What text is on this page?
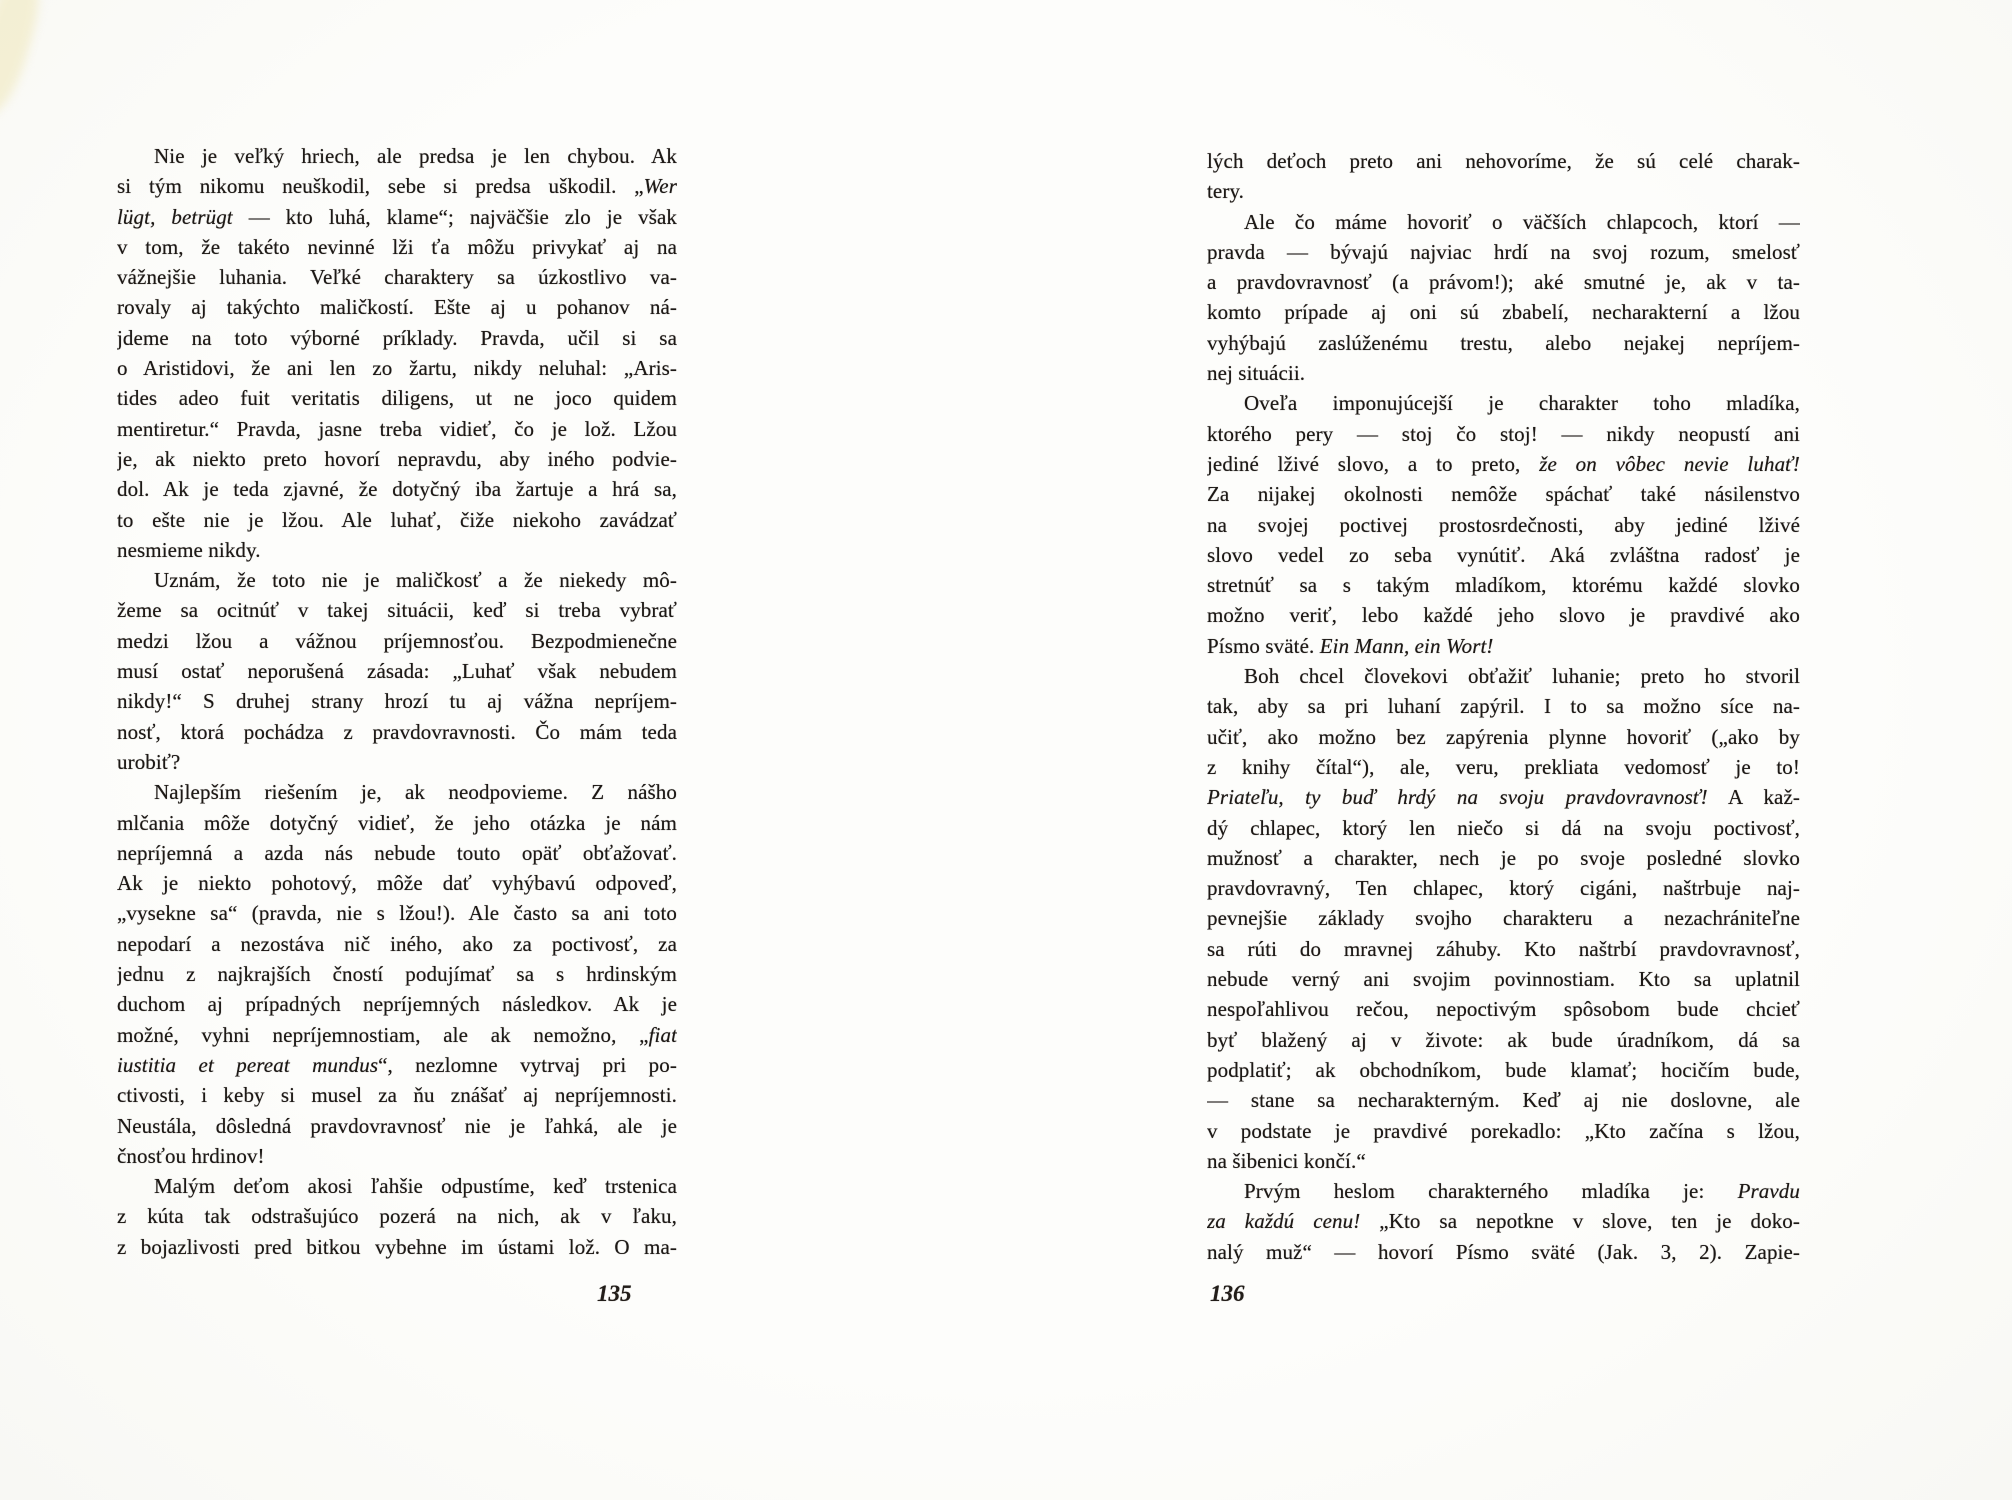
Nie je veľký hriech, ale predsa je len chybou. Ak
si tým nikomu neuškodil, sebe si predsa uškodil. „Wer
lügt, betrügt — kto luhá, klame“; najväčšie zlo je však
v tom, že takéto nevinné lži ťa môžu privykať aj na
vážnejšie luhania. Veľké charaktery sa úzkostlivo va-
rovaly aj takýchto maličkostí. Ešte aj u pohanov ná-
jdeme na toto výborné príklady. Pravda, učil si sa
o Aristidovi, že ani len zo žartu, nikdy neluhal: „Aris-
tides adeo fuit veritatis diligens, ut ne joco quidem
mentiretur.“ Pravda, jasne treba vidieť, čo je lož. Lžou
je, ak niekto preto hovorí nepravdu, aby iného podvie-
dol. Ak je teda zjavné, že dotyčný iba žartuje a hrá sa,
to ešte nie je lžou. Ale luhať, čiže niekoho zavádzať
nesmieme nikdy.
Uznám, že toto nie je maličkosť a že niekedy mô-
žeme sa ocitnúť v takej situácii, keď si treba vybrať
medzi lžou a vážnou príjemnosťou. Bezpodmienečne
musí ostať neporušená zásada: „Luhať však nebudem
nikdy!“ S druhej strany hrozí tu aj vážna nepríjem-
nosť, ktorá pochádza z pravdovravnosti. Čo mám teda
urobiť?
Najlepším riešením je, ak neodpovieme. Z nášho
mlčania môže dotyčný vidieť, že jeho otázka je nám
nepríjemná a azda nás nebude touto opäť obťažovať.
Ak je niekto pohotový, môže dať vyhýbavú odpoveď,
„vysekne sa“ (pravda, nie s lžou!). Ale často sa ani toto
nepodarí a nezostáva nič iného, ako za poctivosť, za
jednu z najkrajších čností podujímať sa s hrdinským
duchom aj prípadných nepríjemných následkov. Ak je
možné, vyhni nepríjemnostiam, ale ak nemožno, „fiat
iustitia et pereat mundus“, nezlomne vytrvaj pri po-
ctivosti, i keby si musel za ňu znášať aj nepríjemnosti.
Neustála, dôsledná pravdovravnosť nie je ľahká, ale je
čnosťou hrdinov!
Malým deťom akosi ľahšie odpustíme, keď trstenica
z kúta tak odstrašujúco pozerá na nich, ak v ľaku,
z bojazlivosti pred bitkou vybehne im ústami lož. O ma-
lých deťoch preto ani nehovoríme, že sú celé charak-
tery.
Ale čo máme hovoriť o väčších chlapcoch, ktorí —
pravda — bývajú najviac hrdí na svoj rozum, smelosť
a pravdovravnosť (a právom!); aké smutné je, ak v ta-
komto prípade aj oni sú zbabelí, necharakterní a lžou
vyhýbajú zaslúženému trestu, alebo nejakej nepríjem-
nej situácii.
Oveľa imponujúcejší je charakter toho mladíka,
ktorého pery — stoj čo stoj! — nikdy neopustí ani
jediné lživé slovo, a to preto, že on vôbec nevie luhať!
Za nijakej okolnosti nemôže spáchať také násilenstvo
na svojej poctivej prostosrdečnosti, aby jediné lživé
slovo vedel zo seba vynútiť. Aká zvláštna radosť je
stretnúť sa s takým mladíkom, ktorému každé slovko
možno veriť, lebo každé jeho slovo je pravdivé ako
Písmo sväté. Ein Mann, ein Wort!
Boh chcel človekovi obťažiť luhanie; preto ho stvoril
tak, aby sa pri luhaní zapýril. I to sa možno síce na-
učiť, ako možno bez zapýrenia plynne hovoriť („ako by
z knihy čítal“), ale, veru, prekliata vedomosť je to!
Priateľu, ty buď hrdý na svoju pravdovravnosť! A kaž-
dý chlapec, ktorý len niečo si dá na svoju poctivosť,
mužnosť a charakter, nech je po svoje posledné slovko
pravdovravný, Ten chlapec, ktorý cigáni, naštrbuje naj-
pevnejšie základy svojho charakteru a nezachrániteľne
sa rúti do mravnej záhuby. Kto naštrbí pravdovravnosť,
nebude verný ani svojim povinnostiam. Kto sa uplatnil
nespoľahlivou rečou, nepoctivým spôsobom bude chcieť
byť blažený aj v živote: ak bude úradníkom, dá sa
podplatiť; ak obchodníkom, bude klamať; hocičím bude,
— stane sa necharakterným. Keď aj nie doslovne, ale
v podstate je pravdivé porekadlo: „Kto začína s lžou,
na šibenici končí.“
Prvým heslom charakterného mladíka je: Pravdu
za každú cenu! „Kto sa nepotkne v slove, ten je doko-
nalý muž“ — hovorí Písmo sväté (Jak. 3, 2). Zapie-
135	136
